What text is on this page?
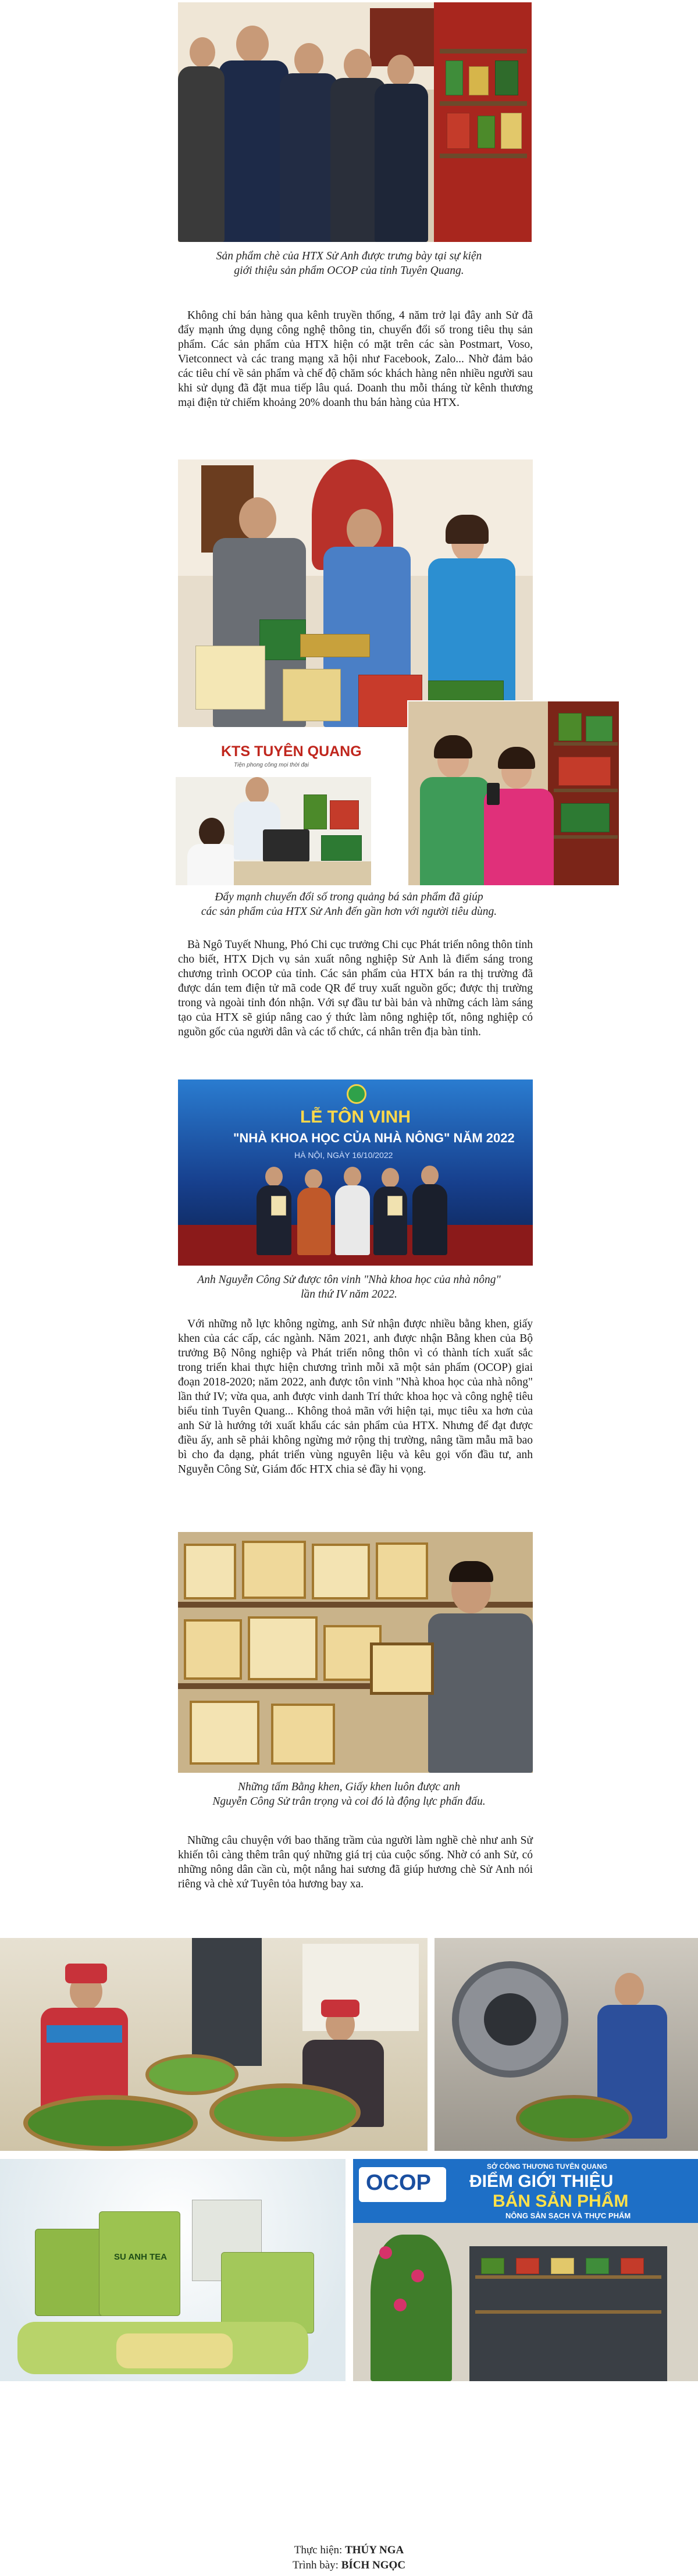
Sản phẩm chè của HTX Sử Anh được trưng bày tại sự kiện
giới thiệu sản phẩm OCOP của tỉnh Tuyên Quang.
Không chỉ bán hàng qua kênh truyền thống, 4 năm trở lại đây anh Sử đã đẩy mạnh ứng dụng công nghệ thông tin, chuyển đổi số trong tiêu thụ sản phẩm. Các sản phẩm của HTX hiện có mặt trên các sàn Postmart, Voso, Vietconnect và các trang mạng xã hội như Facebook, Zalo... Nhờ đảm bảo các tiêu chí về sản phẩm và chế độ chăm sóc khách hàng nên nhiều người sau khi sử dụng đã đặt mua tiếp lâu quá. Doanh thu mỗi tháng từ kênh thương mại điện tử chiếm khoảng 20% doanh thu bán hàng của HTX.
KTS TUYÊN QUANG
Tiện phong công mọi thời đại
Đẩy mạnh chuyển đổi số trong quảng bá sản phẩm đã giúp
các sản phẩm của HTX Sử Anh đến gần hơn với người tiêu dùng.
Bà Ngô Tuyết Nhung, Phó Chi cục trưởng Chi cục Phát triển nông thôn tỉnh cho biết, HTX Dịch vụ sản xuất nông nghiệp Sử Anh là điểm sáng trong chương trình OCOP của tỉnh. Các sản phẩm của HTX bán ra thị trường đã được dán tem điện tử mã code QR để truy xuất nguồn gốc; được thị trường trong và ngoài tỉnh đón nhận. Với sự đầu tư bài bản và những cách làm sáng tạo của HTX sẽ giúp nâng cao ý thức làm nông nghiệp tốt, nông nghiệp có nguồn gốc của người dân và các tổ chức, cá nhân trên địa bàn tỉnh.
LỄ TÔN VINH
"NHÀ KHOA HỌC CỦA NHÀ NÔNG" NĂM 2022
HÀ NỘI, NGÀY 16/10/2022
Anh Nguyễn Công Sử được tôn vinh "Nhà khoa học của nhà nông"
lần thứ IV năm 2022.
Với những nỗ lực không ngừng, anh Sử nhận được nhiều bằng khen, giấy khen của các cấp, các ngành. Năm 2021, anh được nhận Bằng khen của Bộ trưởng Bộ Nông nghiệp và Phát triển nông thôn vì có thành tích xuất sắc trong triển khai thực hiện chương trình mỗi xã một sản phẩm (OCOP) giai đoạn 2018-2020; năm 2022, anh được tôn vinh "Nhà khoa học của nhà nông" lần thứ IV; vừa qua, anh được vinh danh Trí thức khoa học và công nghệ tiêu biểu tỉnh Tuyên Quang... Không thoả mãn với hiện tại, mục tiêu xa hơn của anh Sử là hướng tới xuất khẩu các sản phẩm của HTX. Nhưng để đạt được điều ấy, anh sẽ phải không ngừng mở rộng thị trường, nâng tầm mẫu mã bao bì cho đa dạng, phát triển vùng nguyên liệu và kêu gọi vốn đầu tư, anh Nguyễn Công Sử, Giám đốc HTX chia sẻ đầy hi vọng.
Những tấm Bằng khen, Giấy khen luôn được anh
Nguyễn Công Sử trân trọng và coi đó là động lực phấn đấu.
Những câu chuyện với bao thăng trầm của người làm nghề chè như anh Sử khiến tôi càng thêm trân quý những giá trị của cuộc sống. Nhờ có anh Sử, có những nông dân cần cù, một nắng hai sương đã giúp hương chè Sử Anh nói riêng và chè xứ Tuyên tỏa hương bay xa.
SU ANH TEA
OCOP
SỞ CÔNG THƯƠNG TUYÊN QUANG
ĐIỂM GIỚI THIỆU
BÁN SẢN PHẨM
NÔNG SẢN SẠCH VÀ THỰC PHẨM
Thực hiện: THÚY NGA
Trình bày: BÍCH NGỌC
